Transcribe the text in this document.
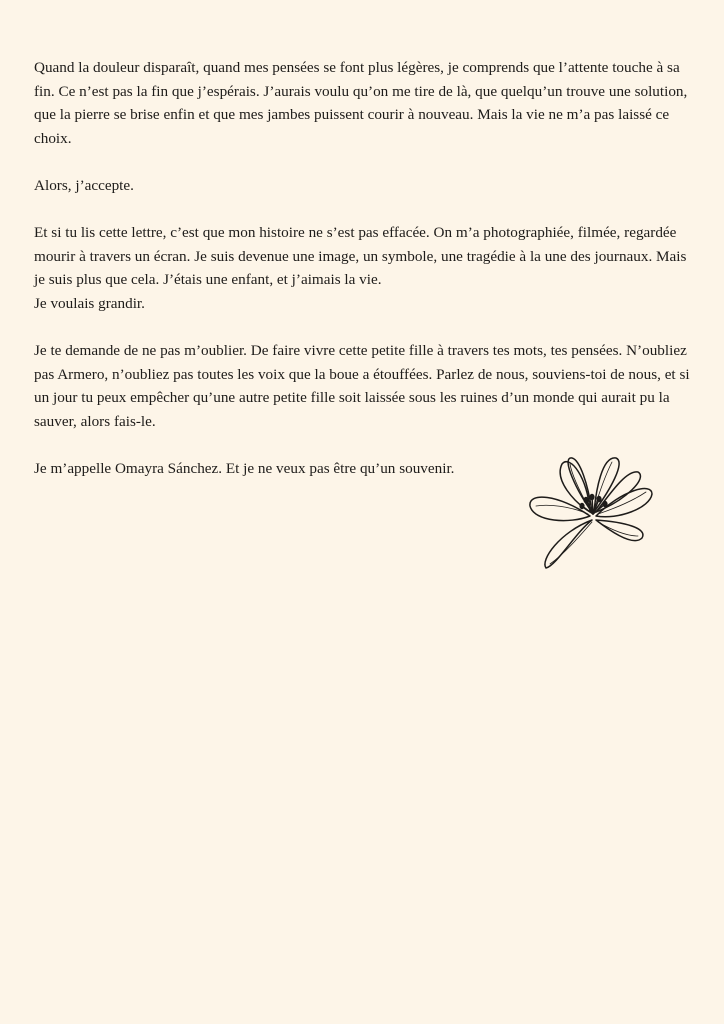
Quand la douleur disparaît, quand mes pensées se font plus légères, je comprends que l’attente touche à sa fin. Ce n’est pas la fin que j’espérais. J’aurais voulu qu’on me tire de là, que quelqu’un trouve une solution, que la pierre se brise enfin et que mes jambes puissent courir à nouveau. Mais la vie ne m’a pas laissé ce choix.

Alors, j’accepte.

Et si tu lis cette lettre, c’est que mon histoire ne s’est pas effacée. On m’a photographiée, filmée, regardée mourir à travers un écran. Je suis devenue une image, un symbole, une tragédie à la une des journaux. Mais je suis plus que cela. J’étais une enfant, et j’aimais la vie.
Je voulais grandir.

Je te demande de ne pas m’oublier. De faire vivre cette petite fille à travers tes mots, tes pensées. N’oubliez pas Armero, n’oubliez pas toutes les voix que la boue a étouffées. Parlez de nous, souviens-toi de nous, et si un jour tu peux empêcher qu’une autre petite fille soit laissée sous les ruines d’un monde qui aurait pu la sauver, alors fais-le.

Je m’appelle Omayra Sánchez. Et je ne veux pas être qu’un souvenir.
